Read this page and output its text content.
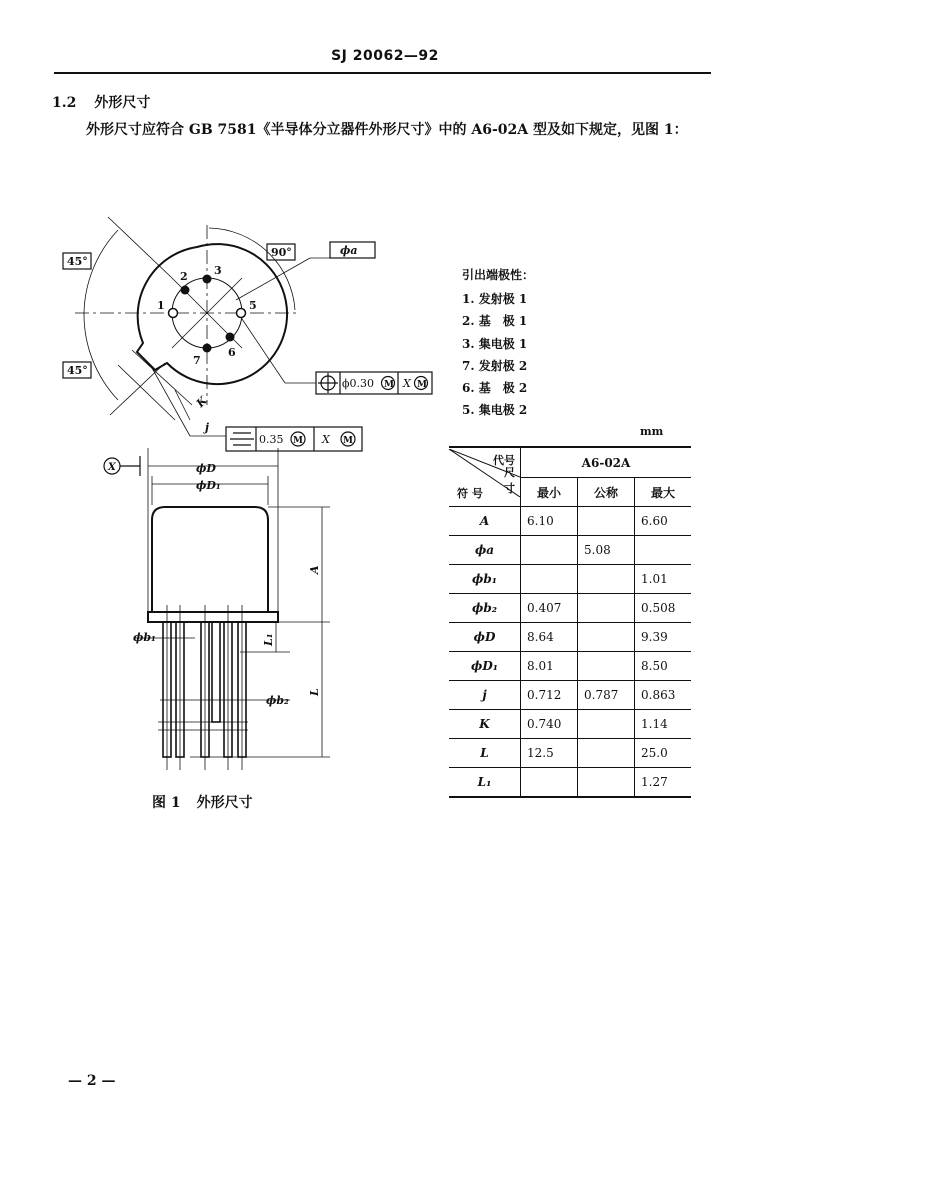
SJ 20062—92
1.2 外形尺寸
外形尺寸应符合 GB 7581《半导体分立器件外形尺寸》中的 A6-02A 型及如下规定，见图 1：
1
2 3
5
6
7
45°
90°
45°
ϕa
K
j
ϕ0.30 M X M
0.35 M X M
X	ϕD
ϕD₁
A
L
L₁
ϕb₁
ϕb₂
引出端极性：
1. 发射极 1
2. 基　极 1
3. 集电极 1
7. 发射极 2
6. 基　极 2
5. 集电极 2
mm
代号
尺寸
符 号	A6-02A		
	最小	公称	最大
A	6.10		6.60
ϕa		5.08	
ϕb₁			1.01
ϕb₂	0.407		0.508
ϕD	8.64		9.39
ϕD₁	8.01		8.50
j	0.712	0.787	0.863
K	0.740		1.14
L	12.5		25.0
L₁			1.27
图 1 外形尺寸
— 2 —
